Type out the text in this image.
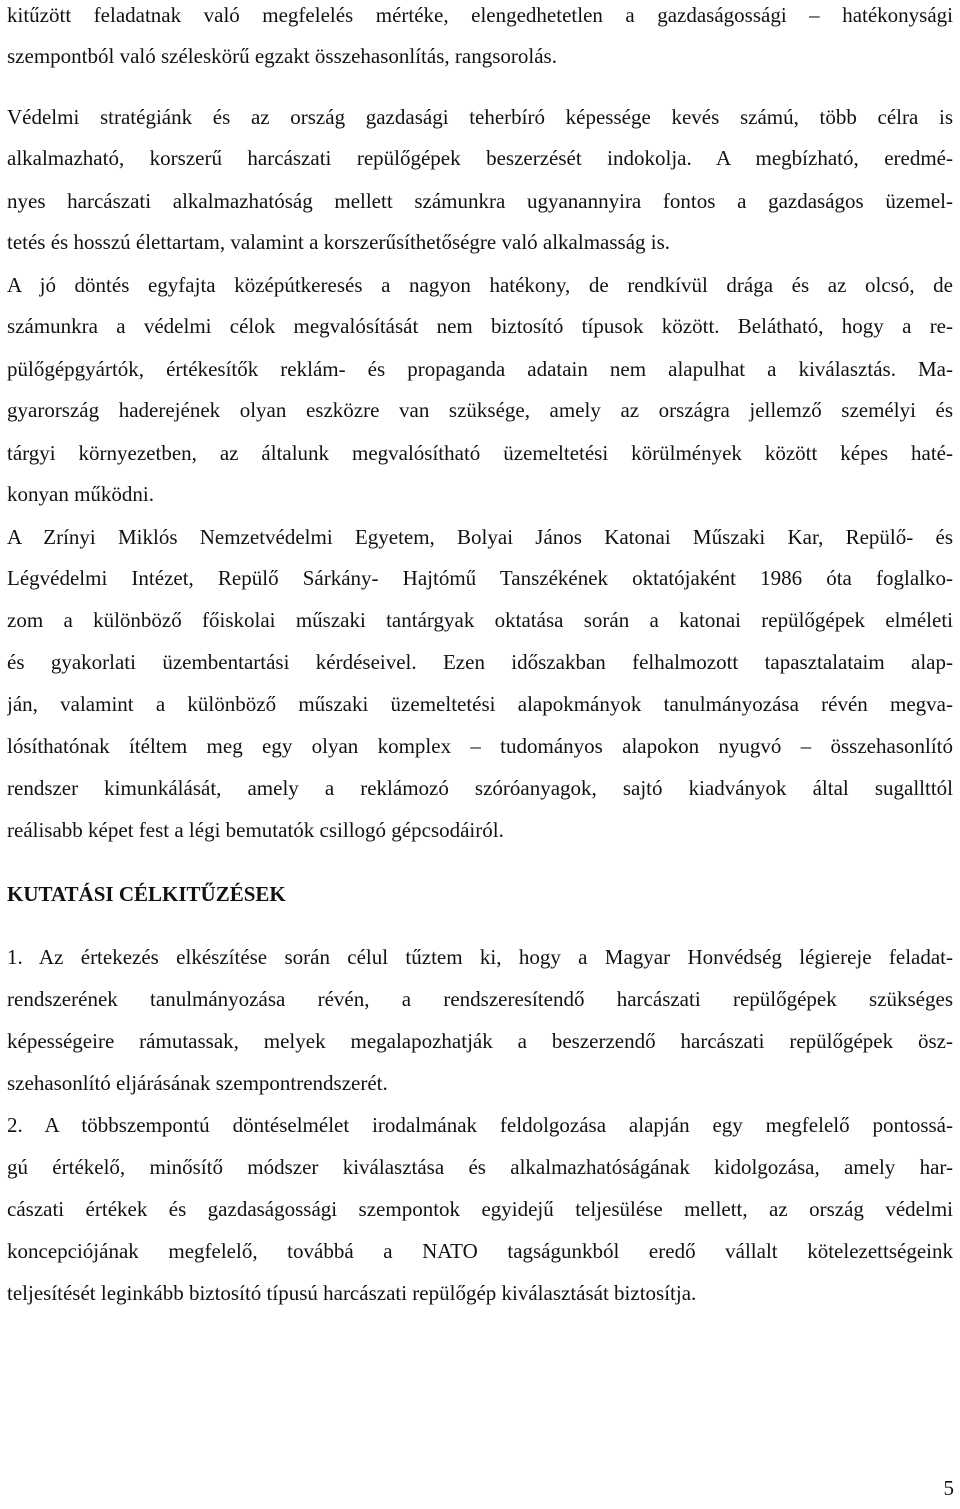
kitűzött feladatnak való megfelelés mértéke, elengedhetetlen a gazdaságossági – hatékonysági
szempontból való széleskörű egzakt összehasonlítás, rangsorolás.
Védelmi stratégiánk és az ország gazdasági teherbíró képessége kevés számú, több célra is
alkalmazható, korszerű harcászati repülőgépek beszerzését indokolja. A megbízható, eredmé-
nyes harcászati alkalmazhatóság mellett számunkra ugyanannyira fontos a gazdaságos üzemel-
tetés és hosszú élettartam, valamint a korszerűsíthetőségre való alkalmasság is.
A jó döntés egyfajta középútkeresés a nagyon hatékony, de rendkívül drága és az olcsó, de
számunkra a védelmi célok megvalósítását nem biztosító típusok között. Belátható, hogy a re-
pülőgépgyártók, értékesítők reklám- és propaganda adatain nem alapulhat a kiválasztás. Ma-
gyarország haderejének olyan eszközre van szüksége, amely az országra jellemző személyi és
tárgyi környezetben, az általunk megvalósítható üzemeltetési körülmények között képes haté-
konyan működni.
A Zrínyi Miklós Nemzetvédelmi Egyetem, Bolyai János Katonai Műszaki Kar, Repülő- és
Légvédelmi Intézet, Repülő Sárkány- Hajtómű Tanszékének oktatójaként 1986 óta foglalko-
zom a különböző főiskolai műszaki tantárgyak oktatása során a katonai repülőgépek elméleti
és gyakorlati üzembentartási kérdéseivel. Ezen időszakban felhalmozott tapasztalataim alap-
ján, valamint a különböző műszaki üzemeltetési alapokmányok tanulmányozása révén megva-
lósíthatónak ítéltem meg egy olyan komplex – tudományos alapokon nyugvó – összehasonlító
rendszer kimunkálását, amely a reklámozó szóróanyagok, sajtó kiadványok által sugallttól
reálisabb képet fest a légi bemutatók csillogó gépcsodáiról.
KUTATÁSI CÉLKITŰZÉSEK
1. Az értekezés elkészítése során célul tűztem ki, hogy a Magyar Honvédség légiereje feladat-
rendszerének tanulmányozása révén, a rendszeresítendő harcászati repülőgépek szükséges
képességeire rámutassak, melyek megalapozhatják a beszerzendő harcászati repülőgépek ösz-
szehasonlító eljárásának szempontrendszerét.
2. A többszempontú döntéselmélet irodalmának feldolgozása alapján egy megfelelő pontossá-
gú értékelő, minősítő módszer kiválasztása és alkalmazhatóságának kidolgozása, amely har-
cászati értékek és gazdaságossági szempontok egyidejű teljesülése mellett, az ország védelmi
koncepciójának megfelelő, továbbá a NATO tagságunkból eredő vállalt kötelezettségeink
teljesítését leginkább biztosító típusú harcászati repülőgép kiválasztását biztosítja.
5
